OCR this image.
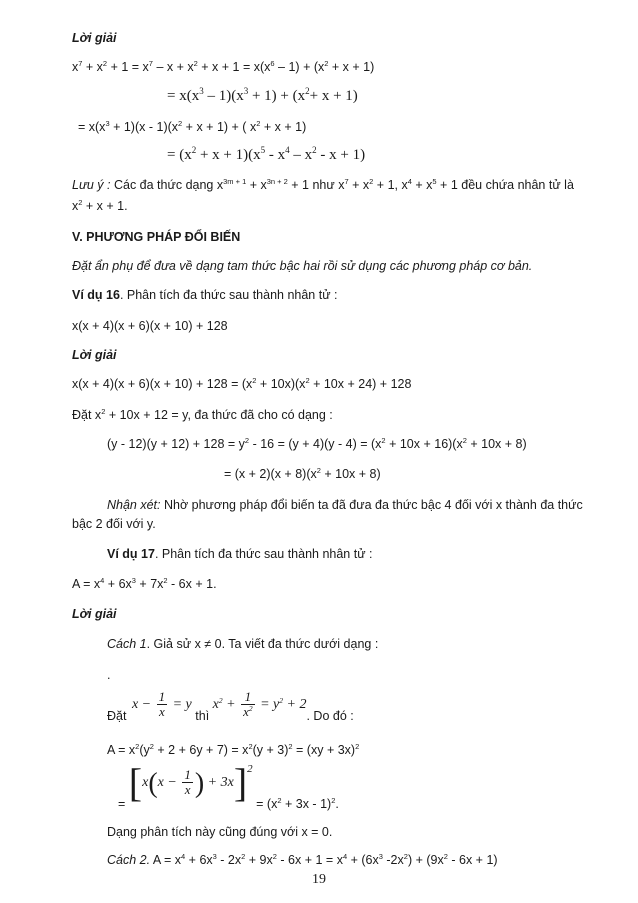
Lời giải
$x^7 + x^2 + 1 = x^7 - x + x^2 + x + 1 = x(x^6 - 1) + (x^2 + x + 1)$
= $x(x^3 - 1)(x^3 + 1) + (x^2+ x + 1)$
= $x(x^3 + 1)(x - 1)(x^2 + x + 1)$ + ( $x^2 + x + 1$)
= $(x^2 + x + 1)(x^5 - x^4 - x^2 - x + 1)$
Lưu ý : Các đa thức dạng $x^{3m + 1} + x^{3n + 2} + 1$ như $x^7 + x^2 + 1$, $x^4 + x^5 + 1$ đều chứa nhân tử là
$x^2 + x + 1$.
V. PHƯƠNG PHÁP ĐỔI BIẾN
Đặt ẩn phụ để đưa về dạng tam thức bậc hai rồi sử dụng các phương pháp cơ bản.
Ví dụ 16. Phân tích đa thức sau thành nhân tử :
x(x + 4)(x + 6)(x + 10) + 128
Lời giải
$x(x + 4)(x + 6)(x + 10) + 128 = (x^2 + 10x)(x^2 + 10x + 24) + 128$
Đặt $x^2 + 10x + 12 = y$, đa thức đã cho có dạng :
$(y - 12)(y + 12) + 128 = y^2 - 16 = (y + 4)(y - 4) = (x^2 + 10x + 16)(x^2 + 10x + 8)$
= $(x + 2)(x + 8)(x^2 + 10x + 8)$
Nhận xét: Nhờ phương pháp đổi biến ta đã đưa đa thức bậc 4 đối với x thành đa thức
bậc 2 đối với y.
Ví dụ 17. Phân tích đa thức sau thành nhân tử :
$A = x^4 + 6x^3 + 7x^2 - 6x + 1$.
Lời giải
Cách 1. Giả sử x ≠ 0. Ta viết đa thức dưới dạng :
.
Đặt $x - \frac{1}{x} = y$ thì $x^2 + \frac{1}{x^2} = y^2 + 2$. Do đó :
$A = x^2(y^2 + 2 + 6y + 7) = x^2(y + 3)^2 = (xy + 3x)^2$
= [$x(x - \frac{1}{x}$ ) + $3x]2 = (x^2 + 3x - 1)^2$.
Dạng phân tích này cũng đúng với x = 0.
Cách 2. $A = x^4 + 6x^3 - 2x^2 + 9x^2 - 6x + 1 = x^4 + (6x^3$ $-2x^2) + (9x^2 - 6x + 1)$
19
